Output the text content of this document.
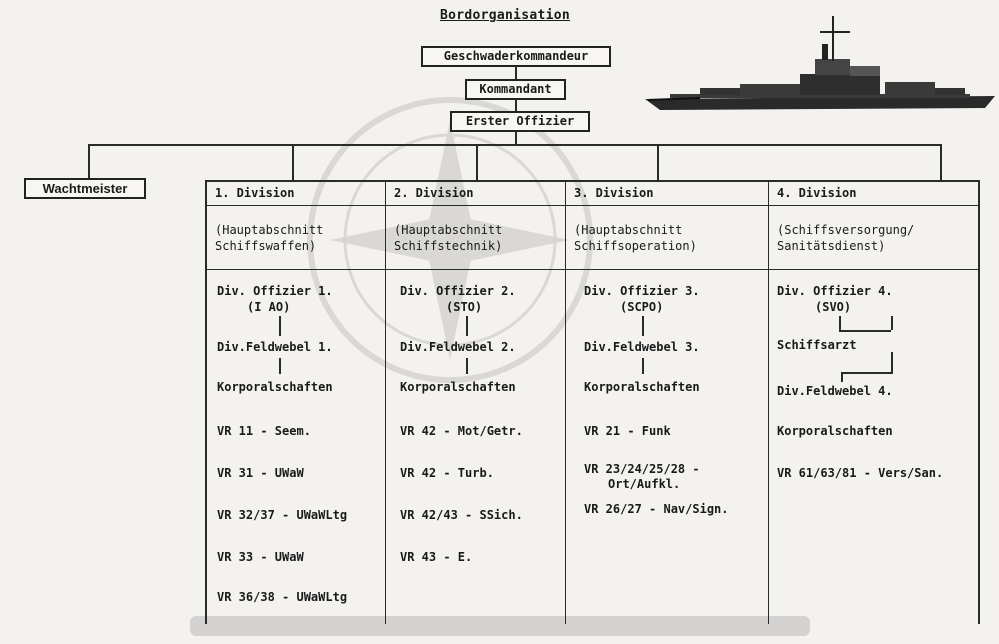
Bordorganisation
Geschwaderkommandeur
Kommandant
Erster Offizier
Wachtmeister	1. Division
(Hauptabschnitt
Schiffswaffen)
Div. Offizier 1.
(I AO)
Div.Feldwebel 1.
Korporalschaften
VR 11 - Seem.
VR 31 - UWaW
VR 32/37 - UWaWLtg
VR 33 - UWaW
VR 36/38 - UWaWLtg
2. Division
(Hauptabschnitt
Schiffstechnik)
Div. Offizier 2.
(STO)
Div.Feldwebel 2.
Korporalschaften
VR 42 - Mot/Getr.
VR 42 - Turb.
VR 42/43 - SSich.
VR 43 - E.
3. Division
(Hauptabschnitt
Schiffsoperation)
Div. Offizier 3.
(SCPO)
Div.Feldwebel 3.
Korporalschaften
VR 21 - Funk
VR 23/24/25/28 -
Ort/Aufkl.
VR 26/27 - Nav/Sign.
4. Division
(Schiffsversorgung/
Sanitätsdienst)
Div. Offizier 4.
(SVO)
Schiffsarzt
Div.Feldwebel 4.
Korporalschaften
VR 61/63/81 - Vers/San.
